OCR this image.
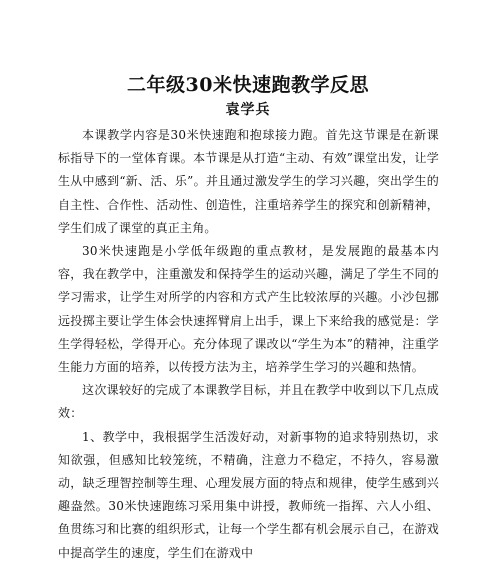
二年级30米快速跑教学反思
袁学兵

本课教学内容是30米快速跑和抱球接力跑。首先这节课是在新课标指导下的一堂体育课。本节课是从打造“主动、有效”课堂出发，让学生从中感到“新、活、乐”。并且通过激发学生的学习兴趣，突出学生的自主性、合作性、活动性、创造性，注重培养学生的探究和创新精神，学生们成了课堂的真正主角。

30米快速跑是小学低年级跑的重点教材，是发展跑的最基本内容，我在教学中，注重激发和保持学生的运动兴趣，满足了学生不同的学习需求，让学生对所学的内容和方式产生比较浓厚的兴趣。小沙包挪远投掷主要让学生体会快速挥臂肩上出手，课上下来给我的感觉是：学生学得轻松，学得开心。充分体现了课改以“学生为本”的精神，注重学生能力方面的培养，以传授方法为主，培养学生学习的兴趣和热情。

这次课较好的完成了本课教学目标，并且在教学中收到以下几点成效：

1、教学中，我根据学生活泼好动，对新事物的追求特别热切，求知欲强，但感知比较笼统，不精确，注意力不稳定，不持久，容易激动，缺乏理智控制等生理、心理发展方面的特点和规律，使学生感到兴趣盎然。30米快速跑练习采用集中讲授，教师统一指挥、六人小组、鱼贯练习和比赛的组织形式，让每一个学生都有机会展示自己，在游戏中提高学生的速度，学生们在游戏中
